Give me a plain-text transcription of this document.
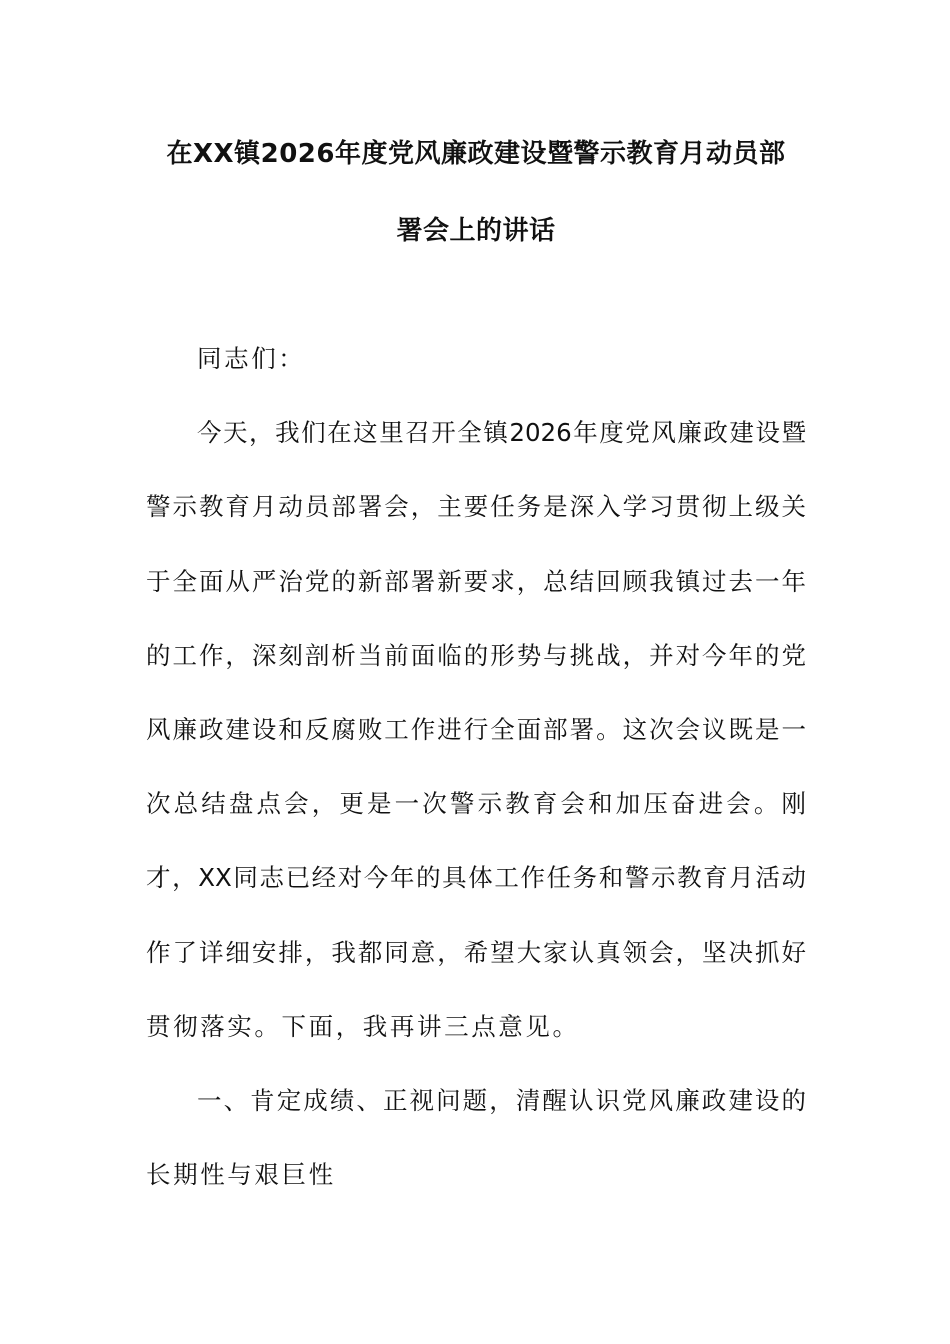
在XX镇2026年度党风廉政建设暨警示教育月动员部
署会上的讲话
同志们：
今天，我们在这里召开全镇2026年度党风廉政建设暨
警示教育月动员部署会，主要任务是深入学习贯彻上级关
于全面从严治党的新部署新要求，总结回顾我镇过去一年
的工作，深刻剖析当前面临的形势与挑战，并对今年的党
风廉政建设和反腐败工作进行全面部署。这次会议既是一
次总结盘点会，更是一次警示教育会和加压奋进会。刚
才，XX同志已经对今年的具体工作任务和警示教育月活动
作了详细安排，我都同意，希望大家认真领会，坚决抓好
贯彻落实。下面，我再讲三点意见。
一、肯定成绩、正视问题，清醒认识党风廉政建设的
长期性与艰巨性
